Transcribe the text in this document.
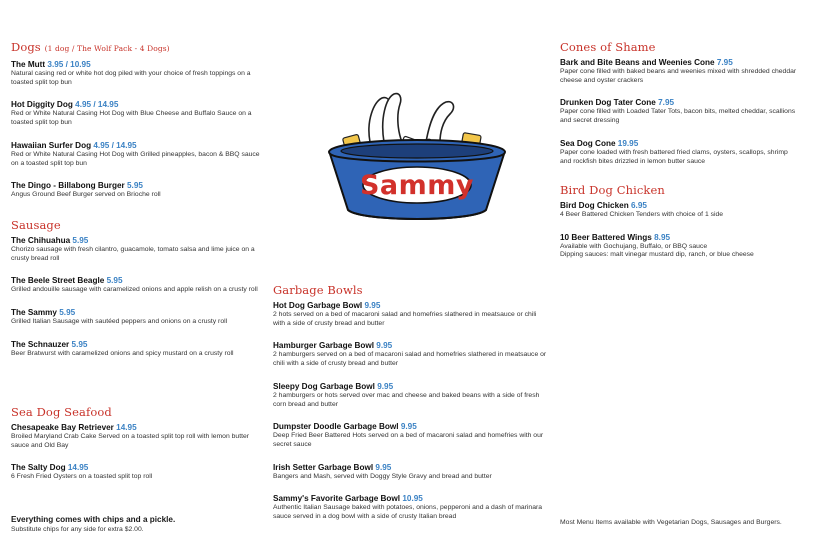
Dogs (1 dog / The Wolf Pack - 4 Dogs)
The Mutt 3.95 / 10.95
Natural casing red or white hot dog piled with your choice of fresh toppings on a toasted split top bun
Hot Diggity Dog 4.95 / 14.95
Red or White Natural Casing Hot Dog with Blue Cheese and Buffalo Sauce on a toasted split top bun
Hawaiian Surfer Dog 4.95 / 14.95
Red or White Natural Casing Hot Dog with Grilled pineapples, bacon & BBQ sauce on a toasted split top bun
The Dingo - Billabong Burger 5.95
Angus Ground Beef Burger served on Brioche roll
Sausage
The Chihuahua 5.95
Chorizo sausage with fresh cilantro, guacamole, tomato salsa and lime juice on a crusty bread roll
The Beele Street Beagle 5.95
Grilled andouille sausage with caramelized onions and apple relish on a crusty roll
The Sammy 5.95
Grilled Italian Sausage with sautéed peppers and onions on a crusty roll
The Schnauzer 5.95
Beer Bratwurst with caramelized onions and spicy mustard on a crusty roll
Sea Dog Seafood
Chesapeake Bay Retriever 14.95
Broiled Maryland Crab Cake Served on a toasted split top roll with lemon butter sauce and Old Bay
The Salty Dog 14.95
6 Fresh Fried Oysters on a toasted split top roll
Everything comes with chips and a pickle.
Substitute chips for any side for extra $2.00.
Sammy
Garbage Bowls
Hot Dog Garbage Bowl 9.95
2 hots served on a bed of macaroni salad and homefries slathered in meatsauce or chili with a side of crusty bread and butter
Hamburger Garbage Bowl 9.95
2 hamburgers served on a bed of macaroni salad and homefries slathered in meatsauce or chili with a side of crusty bread and butter
Sleepy Dog Garbage Bowl 9.95
2 hamburgers or hots served over mac and cheese and baked beans with a side of fresh corn bread and butter
Dumpster Doodle Garbage Bowl 9.95
Deep Fried Beer Battered Hots served on a bed of macaroni salad and homefries with our secret sauce
Irish Setter Garbage Bowl 9.95
Bangers and Mash, served with Doggy Style Gravy and bread and butter
Sammy's Favorite Garbage Bowl 10.95
Authentic Italian Sausage baked with potatoes, onions, pepperoni and a dash of marinara sauce served in a dog bowl with a side of crusty Italian bread
Cones of Shame
Bark and Bite Beans and Weenies Cone 7.95
Paper cone filled with baked beans and weenies mixed with shredded cheddar cheese and oyster crackers
Drunken Dog Tater Cone 7.95
Paper cone filled with Loaded Tater Tots, bacon bits, melted cheddar, scallions and secret dressing
Sea Dog Cone 19.95
Paper cone loaded with fresh battered fried clams, oysters, scallops, shrimp and rockfish bites drizzled in lemon butter sauce
Bird Dog Chicken
Bird Dog Chicken 6.95
4 Beer Battered Chicken Tenders with choice of 1 side
10 Beer Battered Wings 8.95
Available with Gochujang, Buffalo, or BBQ sauce
Dipping sauces: malt vinegar mustard dip, ranch, or blue cheese
Most Menu Items available with Vegetarian Dogs, Sausages and Burgers.
